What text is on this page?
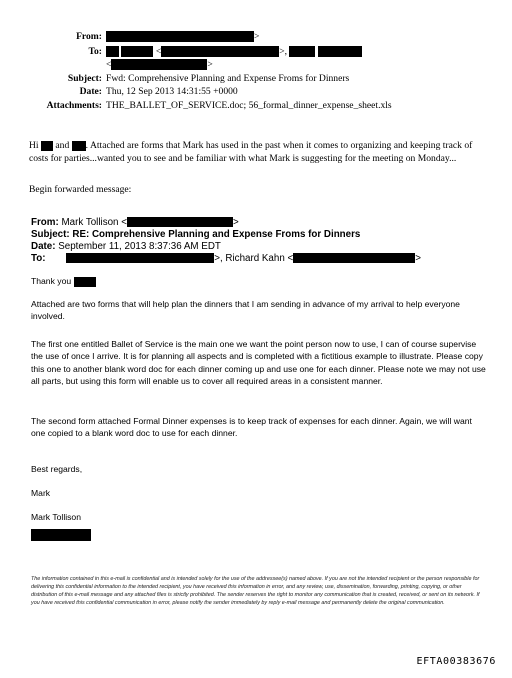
From:	>
To:	<	>,
<	>
Subject: Fwd: Comprehensive Planning and Expense Froms for Dinners
Date: Thu, 12 Sep 2013 14:31:55 +0000
Attachments: THE_BALLET_OF_SERVICE.doc; 56_formal_dinner_expense_sheet.xls
Hi and . Attached are forms that Mark has used in the past when it comes to organizing and keeping track of costs for parties...wanted you to see and be familiar with what Mark is suggesting for the meeting on Monday...
Begin forwarded message:
From: Mark Tollison <	>
Subject: RE: Comprehensive Planning and Expense Froms for Dinners
Date: September 11, 2013 8:37:36 AM EDT
To:	>, Richard Kahn <	>
Thank you
Attached are two forms that will help plan the dinners that I am sending in advance of my arrival to help everyone involved.
The first one entitled Ballet of Service is the main one we want the point person now to use, I can of course supervise the use of once I arrive. It is for planning all aspects and is completed with a fictitious example to illustrate. Please copy this one to another blank word doc for each dinner coming up and use one for each dinner. Please note we may not use all parts, but using this form will enable us to cover all required areas in a consistent manner.
The second form attached Formal Dinner expenses is to keep track of expenses for each dinner. Again, we will want one copied to a blank word doc to use for each dinner.
Best regards,
Mark
Mark Tollison
The information contained in this e-mail is confidential and is intended solely for the use of the addressee(s) named above. If you are not the intended recipient or the person responsible for delivering this confidential information to the intended recipient, you have received this information in error, and any review, use, dissemination, forwarding, printing, copying, or other distribution of this e-mail message and any attached files is strictly prohibited. The sender reserves the right to monitor any communication that is created, received, or sent on its network. If you have received this confidential communication in error, please notify the sender immediately by reply e-mail message and permanently delete the original communication.
EFTA00383676
